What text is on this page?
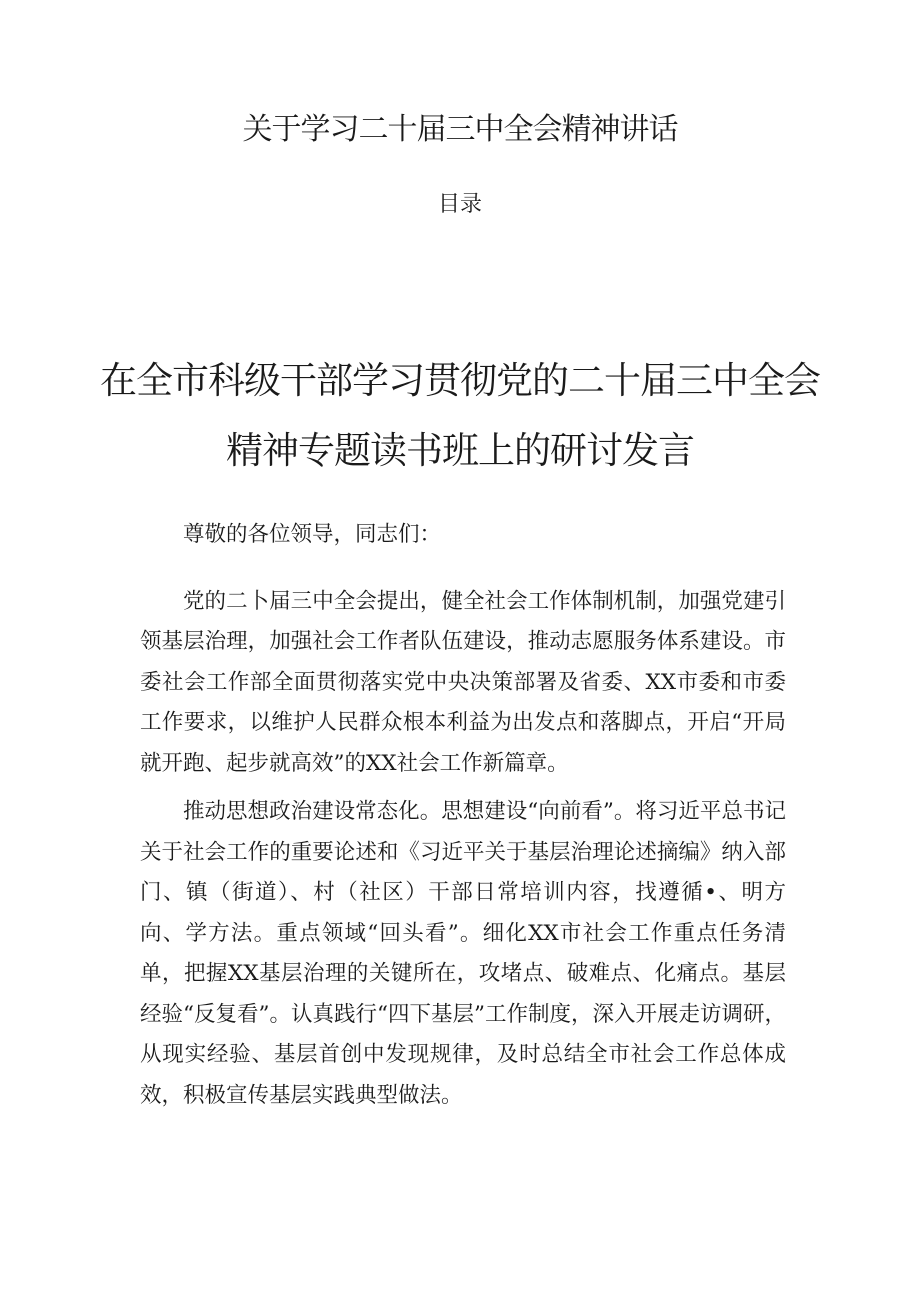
关于学习二十届三中全会精神讲话
目录
在全市科级干部学习贯彻党的二十届三中全会精神专题读书班上的研讨发言

尊敬的各位领导，同志们：

党的二卜届三中全会提出，健全社会工作体制机制，加强党建引领基层治理，加强社会工作者队伍建设，推动志愿服务体系建设。市委社会工作部全面贯彻落实党中央决策部署及省委、XX市委和市委工作要求，以维护人民群众根本利益为出发点和落脚点，开启“开局就开跑、起步就高效”的XX社会工作新篇章。

推动思想政治建设常态化。思想建设“向前看”。将习近平总书记关于社会工作的重要论述和《习近平关于基层治理论述摘编》纳入部门、镇（街道）、村（社区）干部日常培训内容，找遵循•、明方向、学方法。重点领域“回头看”。细化XX市社会工作重点任务清单，把握XX基层治理的关键所在，攻堵点、破难点、化痛点。基层经验“反复看”。认真践行“四下基层”工作制度，深入开展走访调研，从现实经验、基层首创中发现规律，及时总结全市社会工作总体成效，积极宣传基层实践典型做法。
